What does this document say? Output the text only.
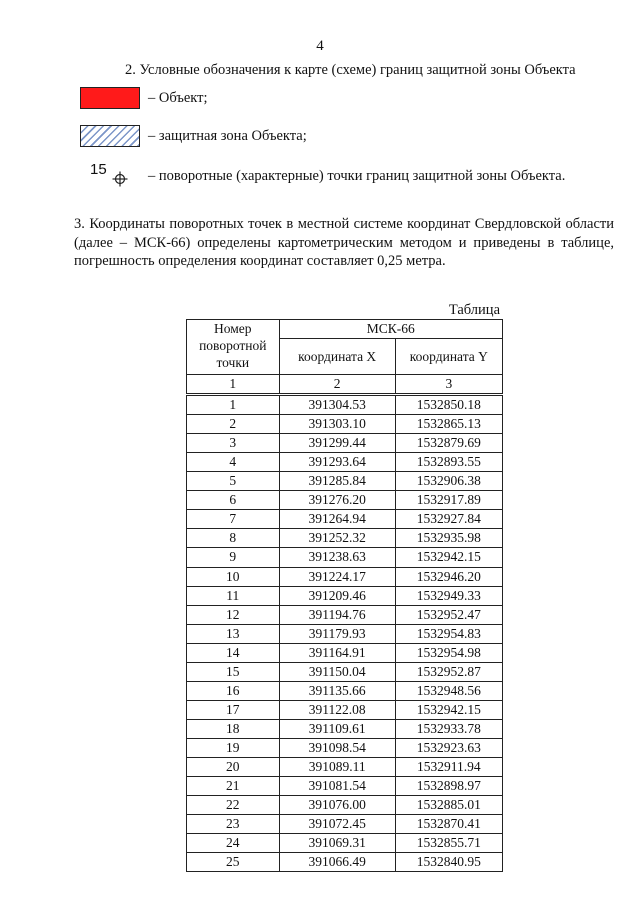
4
2. Условные обозначения к карте (схеме) границ защитной зоны Объекта
– Объект;
– защитная зона Объекта;
15	– поворотные (характерные) точки границ защитной зоны Объекта.
3. Координаты поворотных точек в местной системе координат Свердловской области (далее – МСК-66) определены картометрическим методом и приведены в таблице, погрешность определения координат составляет 0,25 метра.
Таблица
Номер поворотной точки	МСК-66	
	координата X	координата Y
1	2	3
1	391304.53	1532850.18
2	391303.10	1532865.13
3	391299.44	1532879.69
4	391293.64	1532893.55
5	391285.84	1532906.38
6	391276.20	1532917.89
7	391264.94	1532927.84
8	391252.32	1532935.98
9	391238.63	1532942.15
10	391224.17	1532946.20
11	391209.46	1532949.33
12	391194.76	1532952.47
13	391179.93	1532954.83
14	391164.91	1532954.98
15	391150.04	1532952.87
16	391135.66	1532948.56
17	391122.08	1532942.15
18	391109.61	1532933.78
19	391098.54	1532923.63
20	391089.11	1532911.94
21	391081.54	1532898.97
22	391076.00	1532885.01
23	391072.45	1532870.41
24	391069.31	1532855.71
25	391066.49	1532840.95
